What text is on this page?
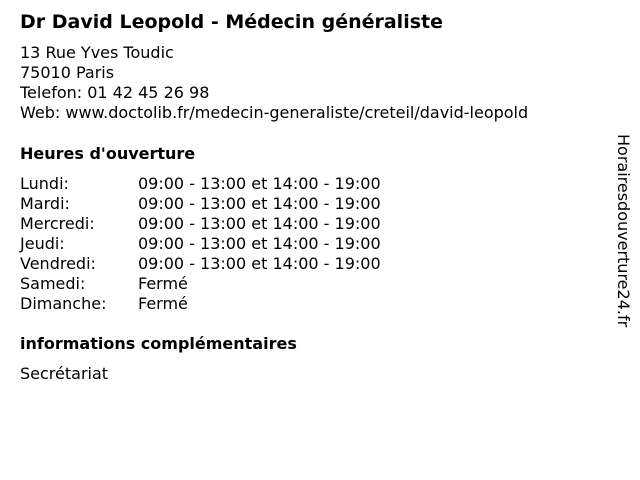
Dr David Leopold - Médecin généraliste
13 Rue Yves Toudic
75010 Paris
Telefon: 01 42 45 26 98
Web: www.doctolib.fr/medecin-generaliste/creteil/david-leopold
Heures d'ouverture
Lundi:	09:00 - 13:00 et 14:00 - 19:00
Mardi:	09:00 - 13:00 et 14:00 - 19:00
Mercredi:	09:00 - 13:00 et 14:00 - 19:00
Jeudi:	09:00 - 13:00 et 14:00 - 19:00
Vendredi:	09:00 - 13:00 et 14:00 - 19:00
Samedi:	Fermé
Dimanche: Fermé
informations complémentaires
Secrétariat
Horairesdouverture24.fr
